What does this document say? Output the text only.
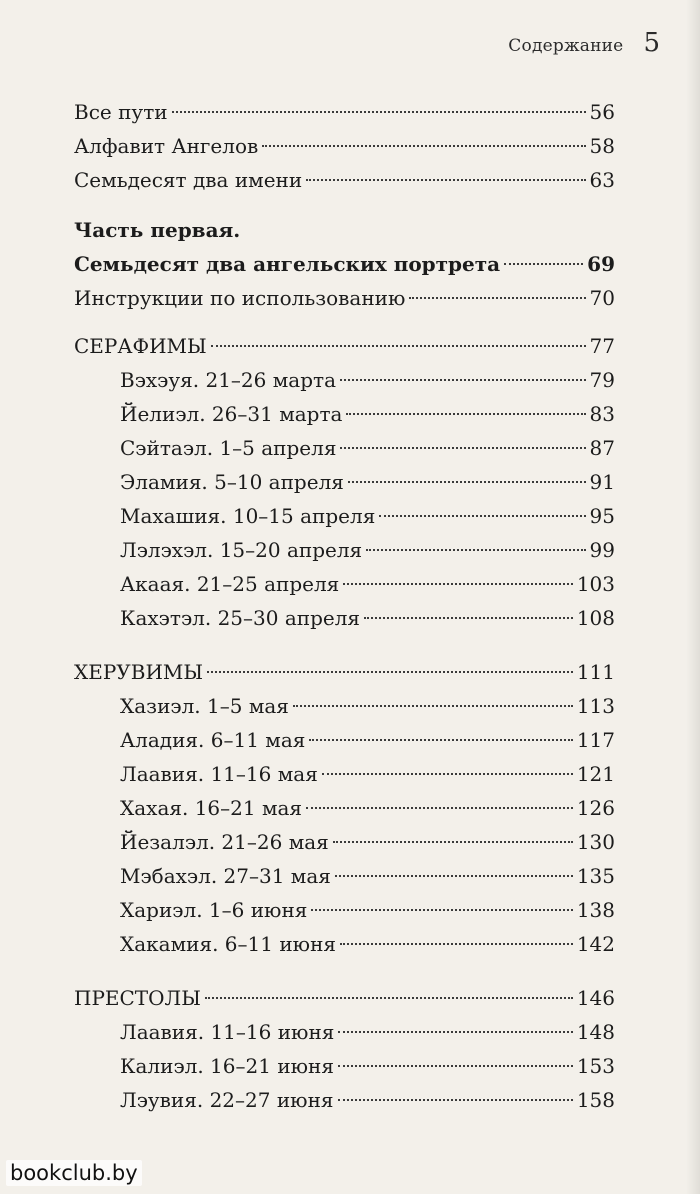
Содержание 5
Все пути	56
Алфавит Ангелов	58
Семьдесят два имени	63
Часть первая.
Семьдесят два ангельских портрета	69
Инструкции по использованию	70
СЕРАФИМЫ	77
Вэхэуя. 21–26 марта	79
Йелиэл. 26–31 марта	83
Сэйтаэл. 1–5 апреля	87
Эламия. 5–10 апреля	91
Махашия. 10–15 апреля	95
Лэлэхэл. 15–20 апреля	99
Акаая. 21–25 апреля	103
Кахэтэл. 25–30 апреля	108
ХЕРУВИМЫ	111
Хазиэл. 1–5 мая	113
Аладия. 6–11 мая	117
Лаавия. 11–16 мая	121
Хахая. 16–21 мая	126
Йезалэл. 21–26 мая	130
Мэбахэл. 27–31 мая	135
Хариэл. 1–6 июня	138
Хакамия. 6–11 июня	142
ПРЕСТОЛЫ	146
Лаавия. 11–16 июня	148
Калиэл. 16–21 июня	153
Лэувия. 22–27 июня	158
bookclub.by
